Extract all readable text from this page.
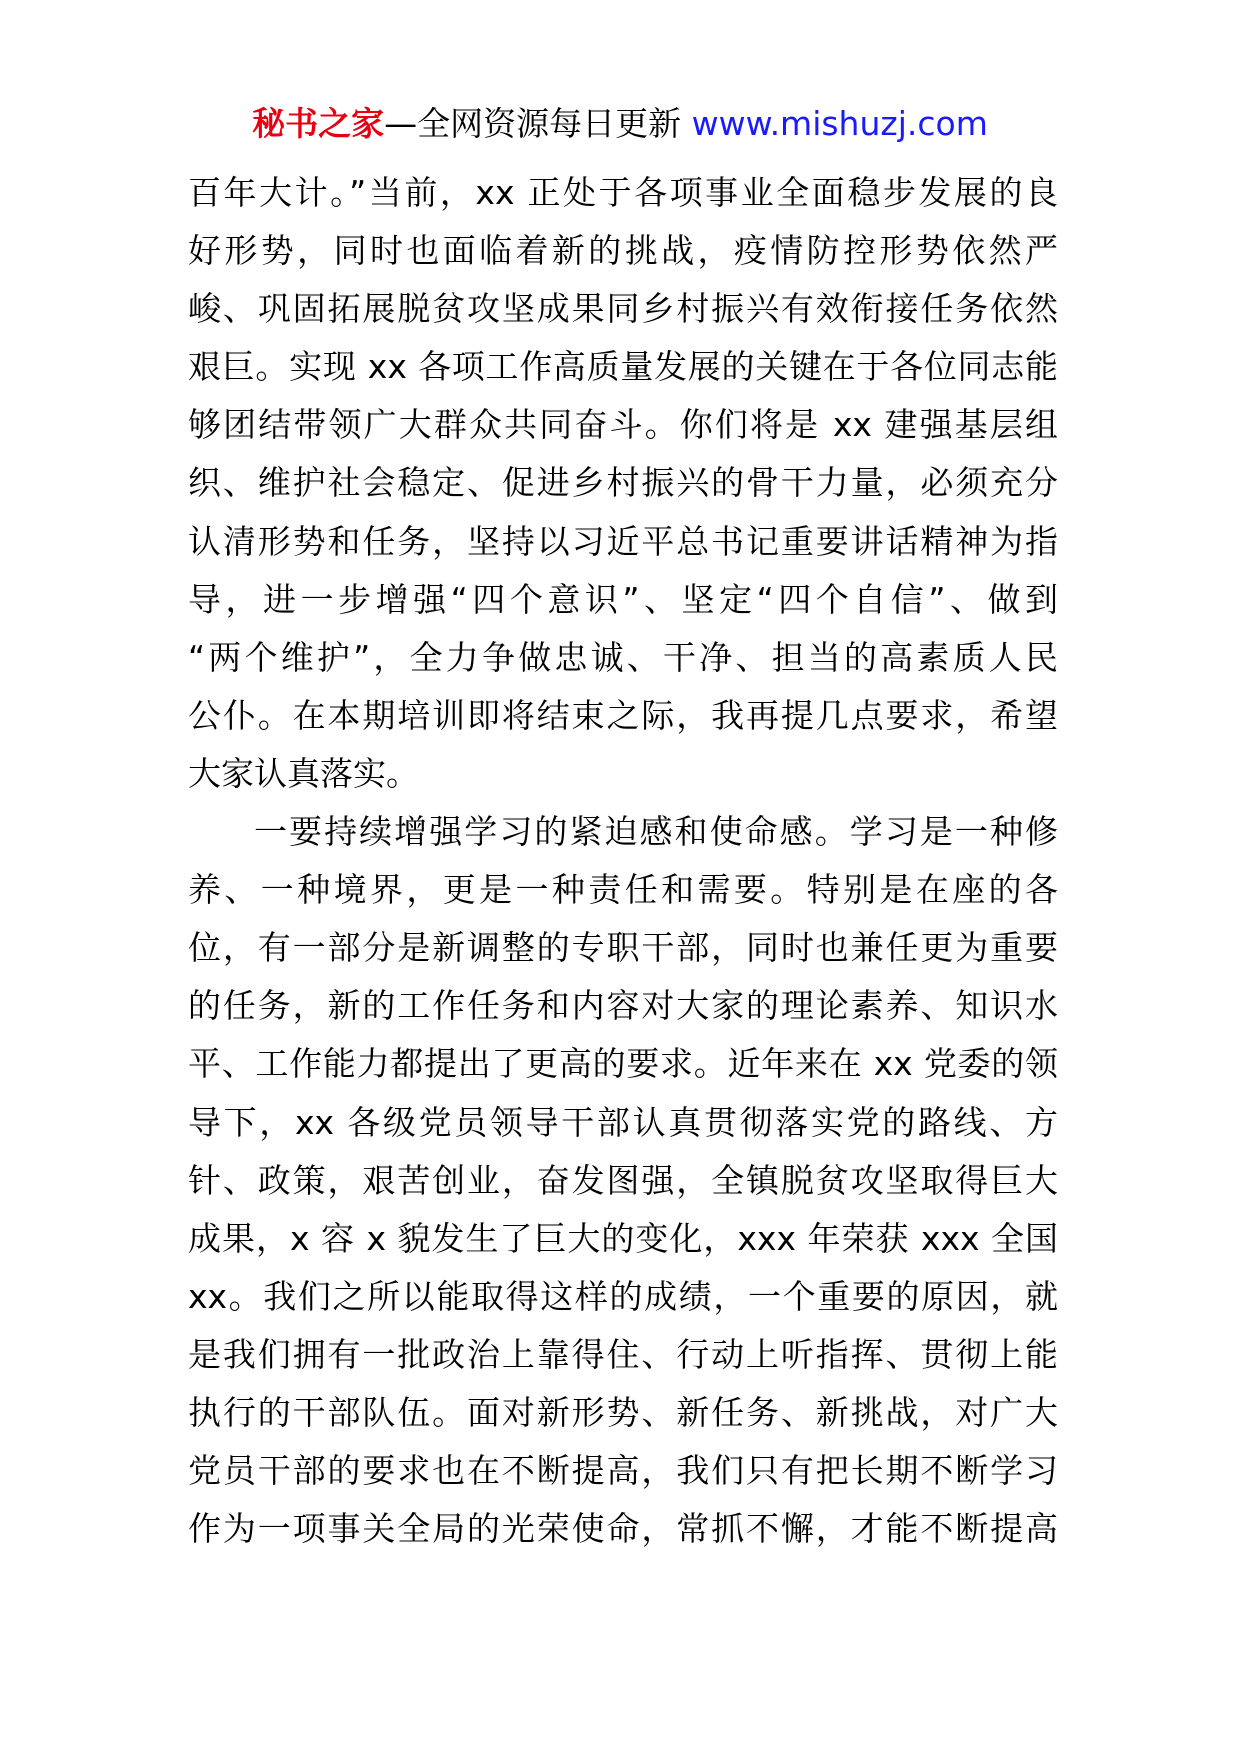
秘书之家—全网资源每日更新 www.mishuzj.com
百年大计。”当前，xx 正处于各项事业全面稳步发展的良
好形势，同时也面临着新的挑战，疫情防控形势依然严
峻、巩固拓展脱贫攻坚成果同乡村振兴有效衔接任务依然
艰巨。实现 xx 各项工作高质量发展的关键在于各位同志能
够团结带领广大群众共同奋斗。你们将是 xx 建强基层组
织、维护社会稳定、促进乡村振兴的骨干力量，必须充分
认清形势和任务，坚持以习近平总书记重要讲话精神为指
导，进一步增强“四个意识”、坚定“四个自信”、做到
“两个维护”，全力争做忠诚、干净、担当的高素质人民
公仆。在本期培训即将结束之际，我再提几点要求，希望
大家认真落实。
一要持续增强学习的紧迫感和使命感。学习是一种修
养、一种境界，更是一种责任和需要。特别是在座的各
位，有一部分是新调整的专职干部，同时也兼任更为重要
的任务，新的工作任务和内容对大家的理论素养、知识水
平、工作能力都提出了更高的要求。近年来在 xx 党委的领
导下，xx 各级党员领导干部认真贯彻落实党的路线、方
针、政策，艰苦创业，奋发图强，全镇脱贫攻坚取得巨大
成果，x 容 x 貌发生了巨大的变化，xxx 年荣获 xxx 全国
xx。我们之所以能取得这样的成绩，一个重要的原因，就
是我们拥有一批政治上靠得住、行动上听指挥、贯彻上能
执行的干部队伍。面对新形势、新任务、新挑战，对广大
党员干部的要求也在不断提高，我们只有把长期不断学习
作为一项事关全局的光荣使命，常抓不懈，才能不断提高
